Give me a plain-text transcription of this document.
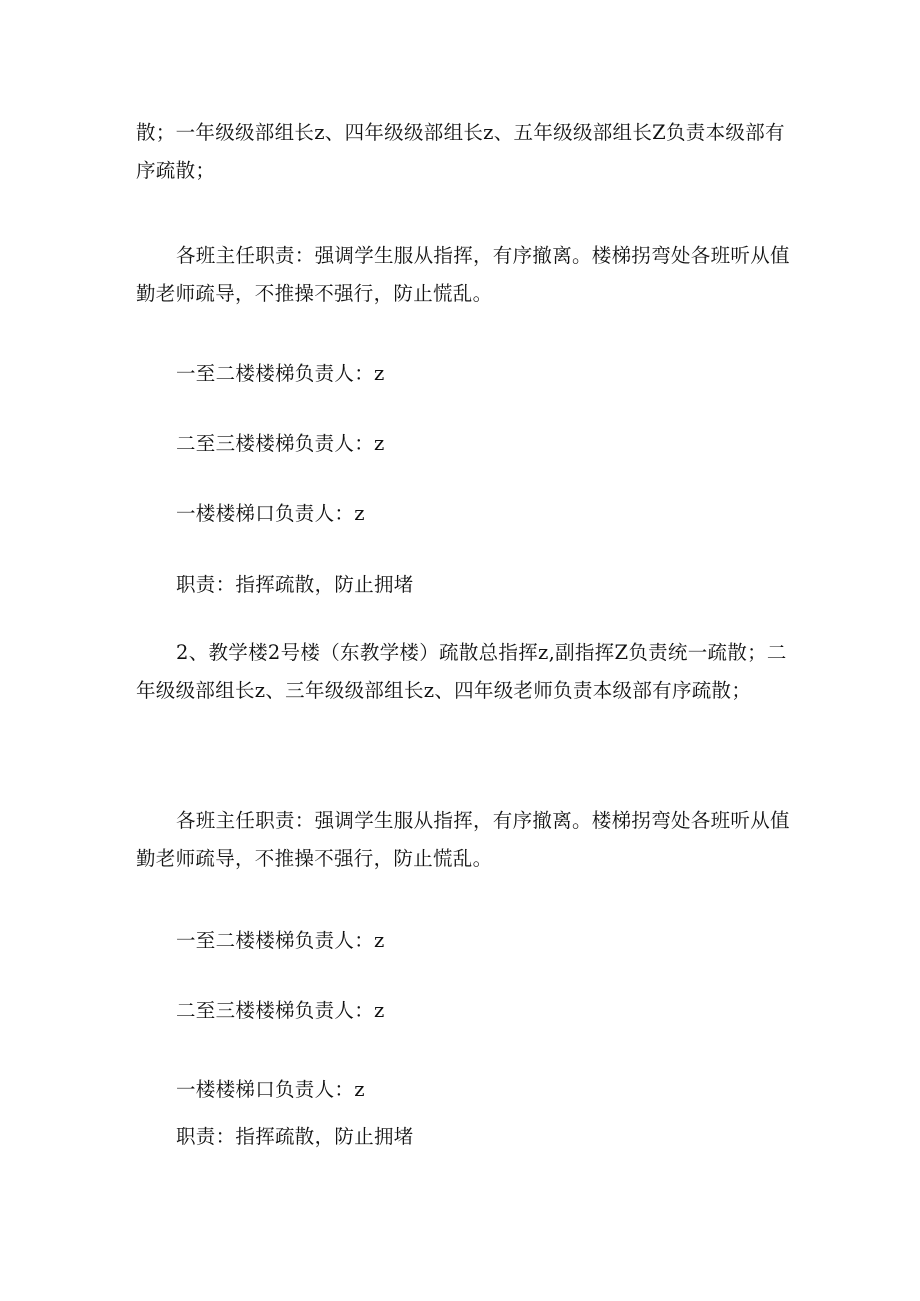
散；一年级级部组长z、四年级级部组长z、五年级级部组长Z负责本级部有序疏散；

各班主任职责：强调学生服从指挥，有序撤离。楼梯拐弯处各班听从值勤老师疏导，不推操不强行，防止慌乱。

一至二楼楼梯负责人：z

二至三楼楼梯负责人：z

一楼楼梯口负责人：z

职责：指挥疏散，防止拥堵

2、教学楼2号楼（东教学楼）疏散总指挥z,副指挥Z负责统一疏散；二年级级部组长z、三年级级部组长z、四年级老师负责本级部有序疏散；

各班主任职责：强调学生服从指挥，有序撤离。楼梯拐弯处各班听从值勤老师疏导，不推操不强行，防止慌乱。

一至二楼楼梯负责人：z

二至三楼楼梯负责人：z

一楼楼梯口负责人：z

职责：指挥疏散，防止拥堵
